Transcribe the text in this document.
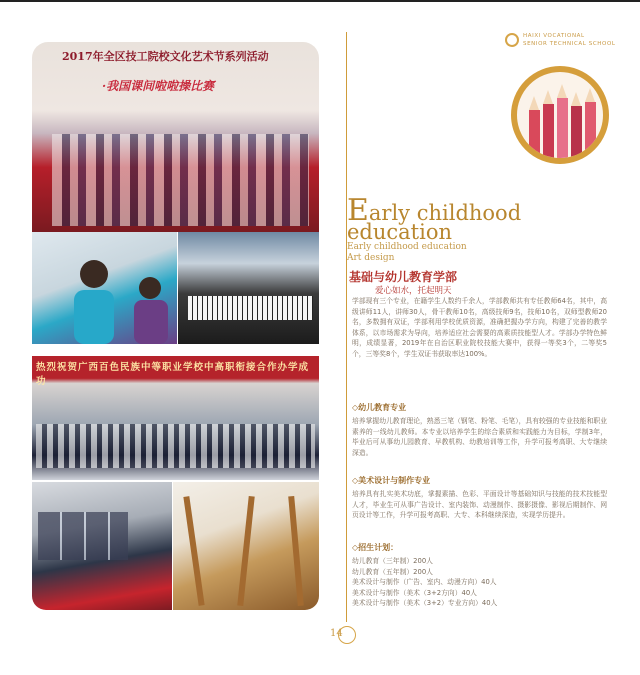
2017年全区技工院校文化艺术节系列活动
·我国课间啦啦操比赛
热烈祝贺广西百色民族中等职业学校中高职衔接合作办学成功
HAIXI VOCATIONAL
SENIOR TECHNICAL SCHOOL
Early childhood
education
Early childhood education
Art design
基础与幼儿教育学部
爱心如水，托起明天
学部现有三个专业，在籍学生人数约千余人，学部教师共有专任教师64名，其中，高级讲师11人，讲师30人，骨干教师10名，高级技师9名，技师10名，双师型教师20名，多数拥有双证，学部利用学校优质资源，准确把握办学方向，构建了完善的教学体系，以市场需求为导向，培养适应社会需要的高素质技能型人才。学部办学特色鲜明，成绩显著，2019年在自治区职业院校技能大赛中，获得一等奖3个，二等奖5个，三等奖8个，学生双证书获取率达100%。
◇幼儿教育专业
培养掌握幼儿教育理论，熟悉三笔（钢笔、粉笔、毛笔），具有较强的专业技能和职业素养的一线幼儿教师。本专业以培养学生的综合素质和实践能力为目标，学制3年，毕业后可从事幼儿园教育、早教机构、幼教培训等工作，升学可报考高职、大专继续深造。
◇美术设计与制作专业
培养具有扎实美术功底，掌握素描、色彩、平面设计等基础知识与技能的技术技能型人才，毕业生可从事广告设计、室内装饰、动漫制作、摄影摄像、影视后期制作、网页设计等工作，升学可报考高职、大专、本科继续深造，实现学历提升。
◇招生计划：
幼儿教育（三年制）200人
幼儿教育（五年制）200人
美术设计与制作（广告、室内、动漫方向）40人
美术设计与制作（美术（3+2方向）40人
美术设计与制作（美术（3+2）专业方向）40人
14
